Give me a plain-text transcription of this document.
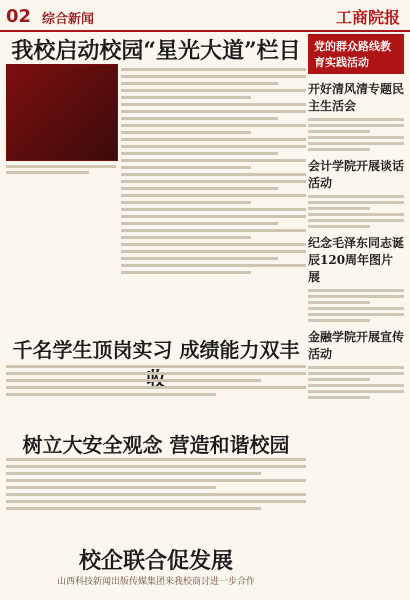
02 综合新闻	工商院报
我校启动校园“星光大道”栏目
千名学生顶岗实习 成绩能力双丰收
树立大安全观念 营造和谐校园
校企联合促发展
山西科技新闻出版传媒集团来我校商讨进一步合作
党的群众路线教育实践活动
开好清风清专题民主生活会
会计学院开展谈话活动
纪念毛泽东同志诞辰120周年图片展
金融学院开展宣传活动
